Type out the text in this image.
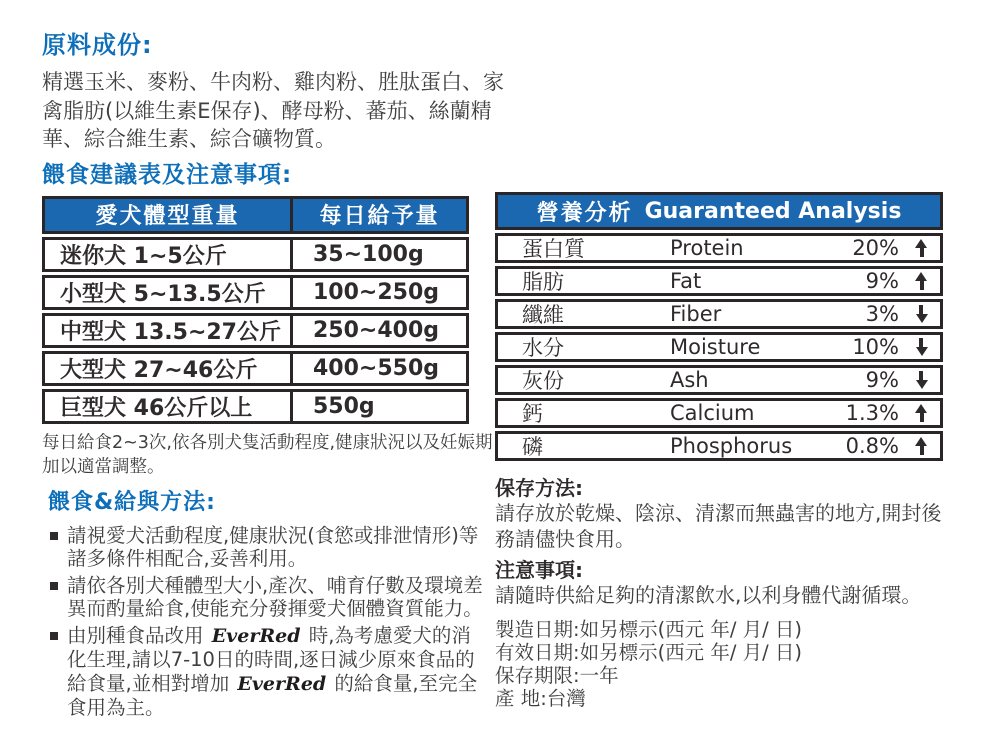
原料成份:

精選玉米、麥粉、牛肉粉、雞肉粉、胜肽蛋白、家禽脂肪(以維生素E保存)、酵母粉、蕃茄、絲蘭精華、綜合維生素、綜合礦物質。

餵食建議表及注意事項:
愛犬體型重量	每日給予量
迷你犬 1~5公斤	35~100g
小型犬 5~13.5公斤	100~250g
中型犬 13.5~27公斤	250~400g
大型犬 27~46公斤	400~550g
巨型犬 46公斤以上	550g

每日給食2~3次,依各別犬隻活動程度,健康狀況以及妊娠期加以適當調整。

餵食&給與方法:
請視愛犬活動程度,健康狀況(食慾或排泄情形)等諸多條件相配合,妥善利用。
請依各別犬種體型大小,產次、哺育仔數及環境差異而酌量給食,使能充分發揮愛犬個體資質能力。
由別種食品改用 EverRed 時,為考慮愛犬的消化生理,請以7-10日的時間,逐日減少原來食品的給食量,並相對增加 EverRed 的給食量,至完全食用為主。
營養分析 Guaranteed Analysis
蛋白質	Protein	20%
脂肪	Fat	9%
纖維	Fiber	3%
水分	Moisture	10%
灰份	Ash	9%
鈣	Calcium	1.3%
磷	Phosphorus	0.8%
保存方法:

請存放於乾燥、陰涼、清潔而無蟲害的地方,開封後務請儘快食用。

注意事項:

請隨時供給足夠的清潔飲水,以利身體代謝循環。

製造日期:如另標示(西元 年/ 月/ 日)
有效日期:如另標示(西元 年/ 月/ 日)
保存期限:一年
產 地:台灣
